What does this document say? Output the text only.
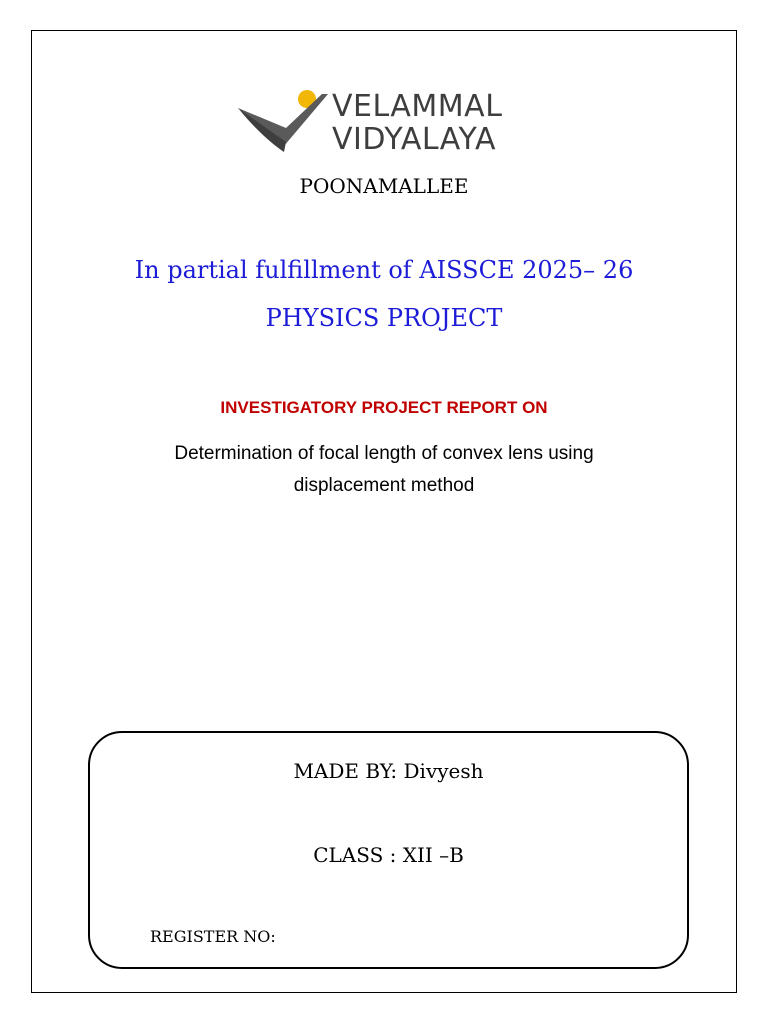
VELAMMAL
VIDYALAYA
POONAMALLEE
In partial fulfillment of AISSCE 2025– 26
PHYSICS PROJECT
INVESTIGATORY PROJECT REPORT ON
Determination of focal length of convex lens using
displacement method
MADE BY: Divyesh
CLASS : XII –B
REGISTER NO:
